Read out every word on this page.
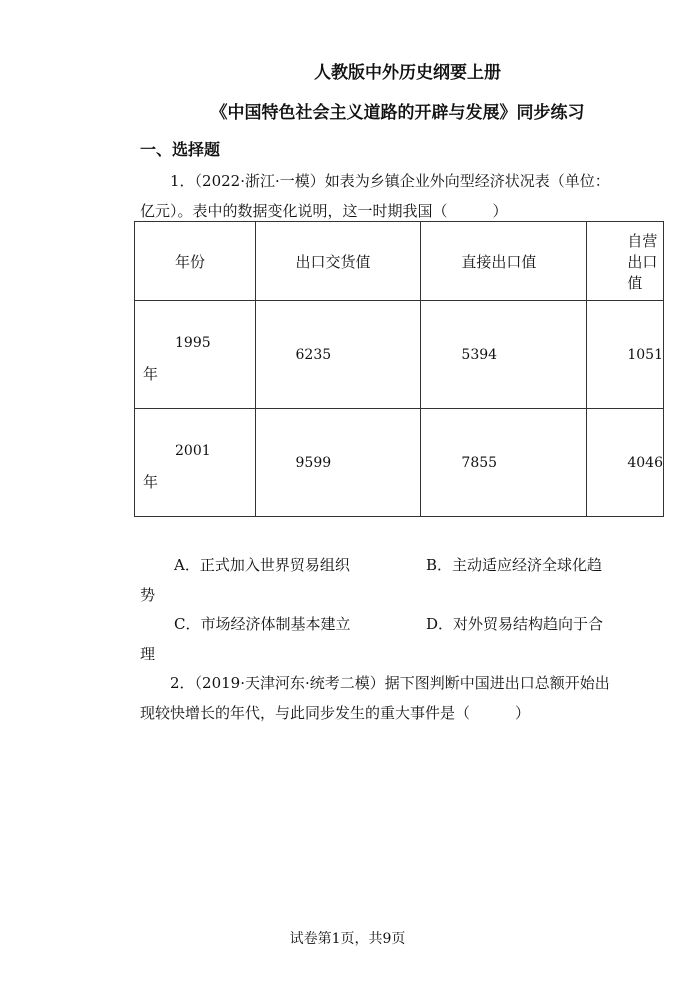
人教版中外历史纲要上册
《中国特色社会主义道路的开辟与发展》同步练习
一、选择题
1．（2022·浙江·一模）如表为乡镇企业外向型经济状况表（单位：亿元）。表中的数据变化说明，这一时期我国（　　　）
年份	出口交货值	直接出口值	自营出口值

1995
年	6235	5394	1051

2001
年	9599	7855	4046
A．正式加入世界贸易组织	B．主动适应经济全球化趋
势
C．市场经济体制基本建立	D．对外贸易结构趋向于合
理
2．（2019·天津河东·统考二模）据下图判断中国进出口总额开始出现较快增长的年代，与此同步发生的重大事件是（　　　）
试卷第1页，共9页
